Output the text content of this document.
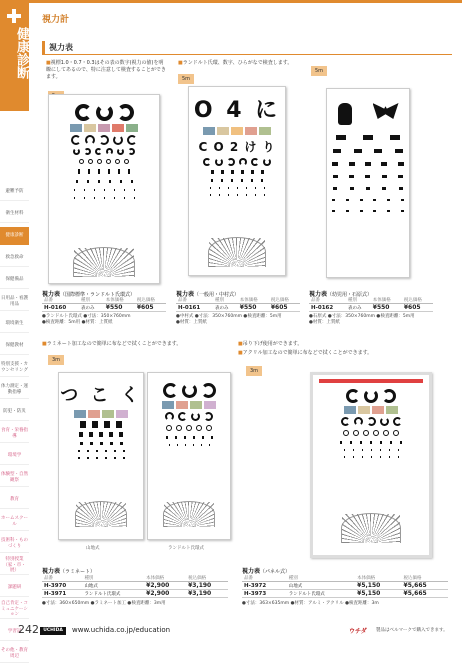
健康診断
避難予防
衛生材料
健康診断
救急救命
保健備品
日用品・看護用品
環境衛生
保健教材
特別支援・カウンセリング
体力測定・運動指導
防犯・防災
食育・栄養指導
環境学
体験型・自然観察
教育
ホームスクール
技術科・ものづくり
特別授業（家・市・展）
課題研
自己肯定・コミュニケーション
学習記
その他・教育周辺
視力計
視力表
■視標1.0・0.7・0.3はその表の数字(視力の値)を明瞭にしてあるので、特に注意して検査することができます。
■ランドルト氏環、数字、ひらがなで検査します。
5m
5m
O 4 に
C O 2 け り
視力表（国際標準・ランドルト氏環式）
品番	種別	本体価格	税込価格
H-0160	表のみ	¥550	¥605
●ランドルト氏環式 ●寸法：350×760mm
●検査距離：5m用 ●材質：上質紙
視力表（一般用・中村式）
品番	種別	本体価格	税込価格
H-0161	表のみ	¥550	¥605
●中村式 ●寸法：350×760mm ●検査距離：5m用
●材質：上質紙
視力表（幼児用・石原式）
品番	種別	本体価格	税込価格
H-0162	表のみ	¥550	¥605
●石原式 ●寸法：350×760mm ●検査距離：5m用
●材質：上質紙
■ラミネート加工なので簡単に布などで拭くことができます。	■吊り下げ使用ができます。
■アクリル加工なので簡単に布などで拭くことができます。
3m
3m
つ こ く
山地式	ランドルト氏環式
視力表（ラミネート）
品番	種別	本体価格	税込価格
H-3970	山地式	¥2,900	¥3,190
H-3971	ランドルト氏環式	¥2,900	¥3,190
●寸法：360×650mm ●ラミネート加工 ●検査距離：3m用
視力表（パネル式）
品番	種別	本体価格	税込価格
H-3972	山地式	¥5,150	¥5,665
H-3973	ランドルト氏環式	¥5,150	¥5,665
●寸法：363×635mm ●材質：アルミ・アクリル ●検査距離：3m
242 UCHIDA	www.uchida.co.jp/education	ウチダ 製品はベルマークで購入できます。
